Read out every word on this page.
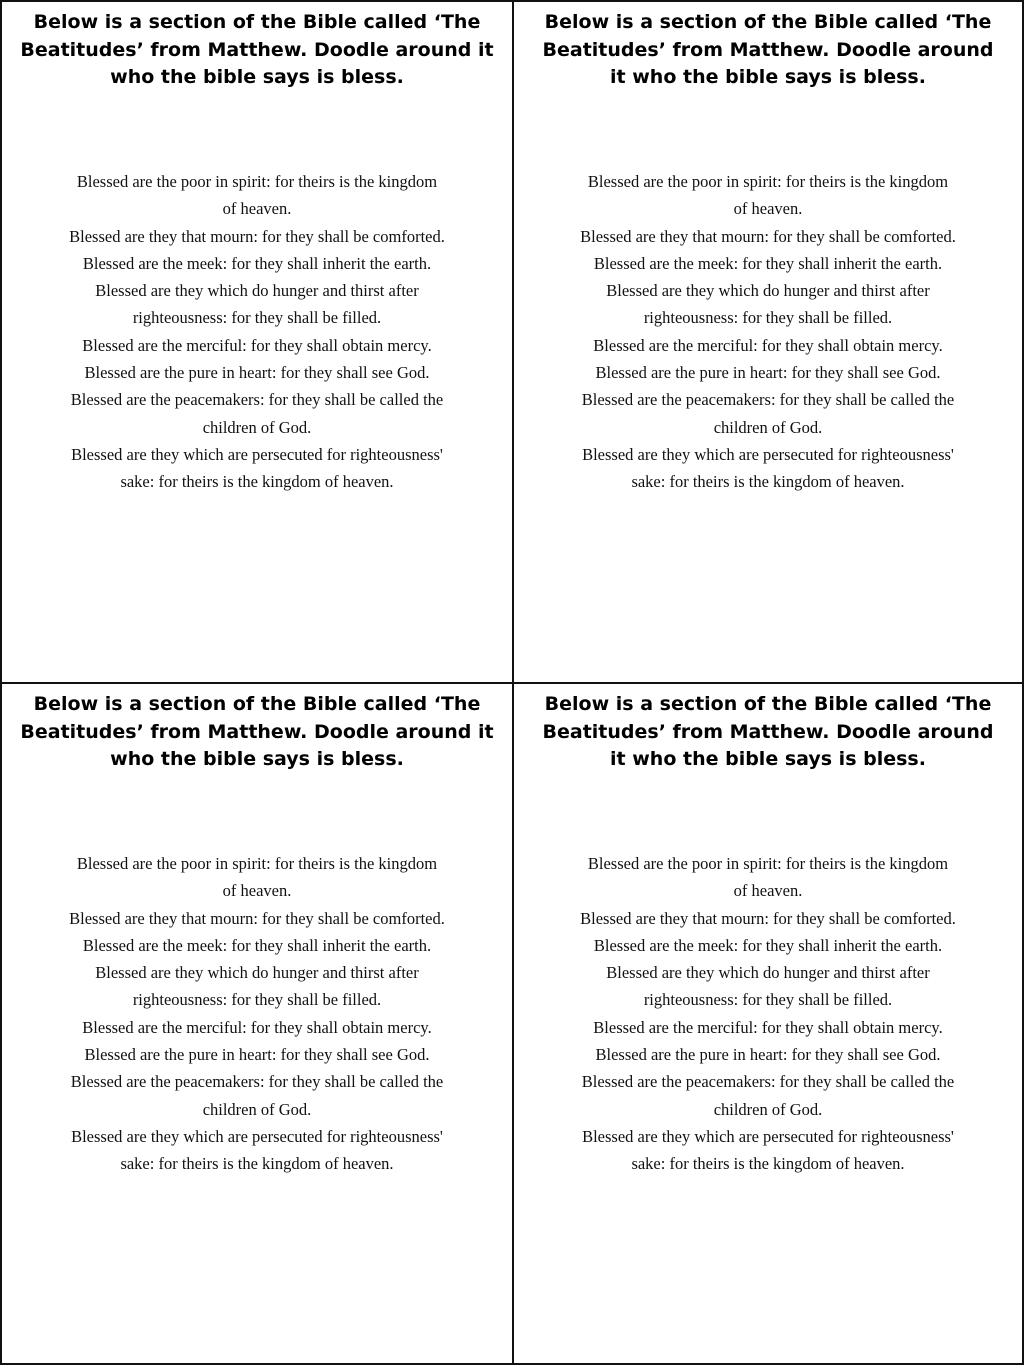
Below is a section of the Bible called ‘The Beatitudes’ from Matthew. Doodle around it who the bible says is bless.
Blessed are the poor in spirit: for theirs is the kingdom of heaven.
Blessed are they that mourn: for they shall be comforted.
Blessed are the meek: for they shall inherit the earth.
Blessed are they which do hunger and thirst after righteousness: for they shall be filled.
Blessed are the merciful: for they shall obtain mercy.
Blessed are the pure in heart: for they shall see God.
Blessed are the peacemakers: for they shall be called the children of God.
Blessed are they which are persecuted for righteousness' sake: for theirs is the kingdom of heaven.
Below is a section of the Bible called ‘The Beatitudes’ from Matthew. Doodle around it who the bible says is bless.
Blessed are the poor in spirit: for theirs is the kingdom of heaven.
Blessed are they that mourn: for they shall be comforted.
Blessed are the meek: for they shall inherit the earth.
Blessed are they which do hunger and thirst after righteousness: for they shall be filled.
Blessed are the merciful: for they shall obtain mercy.
Blessed are the pure in heart: for they shall see God.
Blessed are the peacemakers: for they shall be called the children of God.
Blessed are they which are persecuted for righteousness' sake: for theirs is the kingdom of heaven.
Below is a section of the Bible called ‘The Beatitudes’ from Matthew. Doodle around it who the bible says is bless.
Blessed are the poor in spirit: for theirs is the kingdom of heaven.
Blessed are they that mourn: for they shall be comforted.
Blessed are the meek: for they shall inherit the earth.
Blessed are they which do hunger and thirst after righteousness: for they shall be filled.
Blessed are the merciful: for they shall obtain mercy.
Blessed are the pure in heart: for they shall see God.
Blessed are the peacemakers: for they shall be called the children of God.
Blessed are they which are persecuted for righteousness' sake: for theirs is the kingdom of heaven.
Below is a section of the Bible called ‘The Beatitudes’ from Matthew. Doodle around it who the bible says is bless.
Blessed are the poor in spirit: for theirs is the kingdom of heaven.
Blessed are they that mourn: for they shall be comforted.
Blessed are the meek: for they shall inherit the earth.
Blessed are they which do hunger and thirst after righteousness: for they shall be filled.
Blessed are the merciful: for they shall obtain mercy.
Blessed are the pure in heart: for they shall see God.
Blessed are the peacemakers: for they shall be called the children of God.
Blessed are they which are persecuted for righteousness' sake: for theirs is the kingdom of heaven.
